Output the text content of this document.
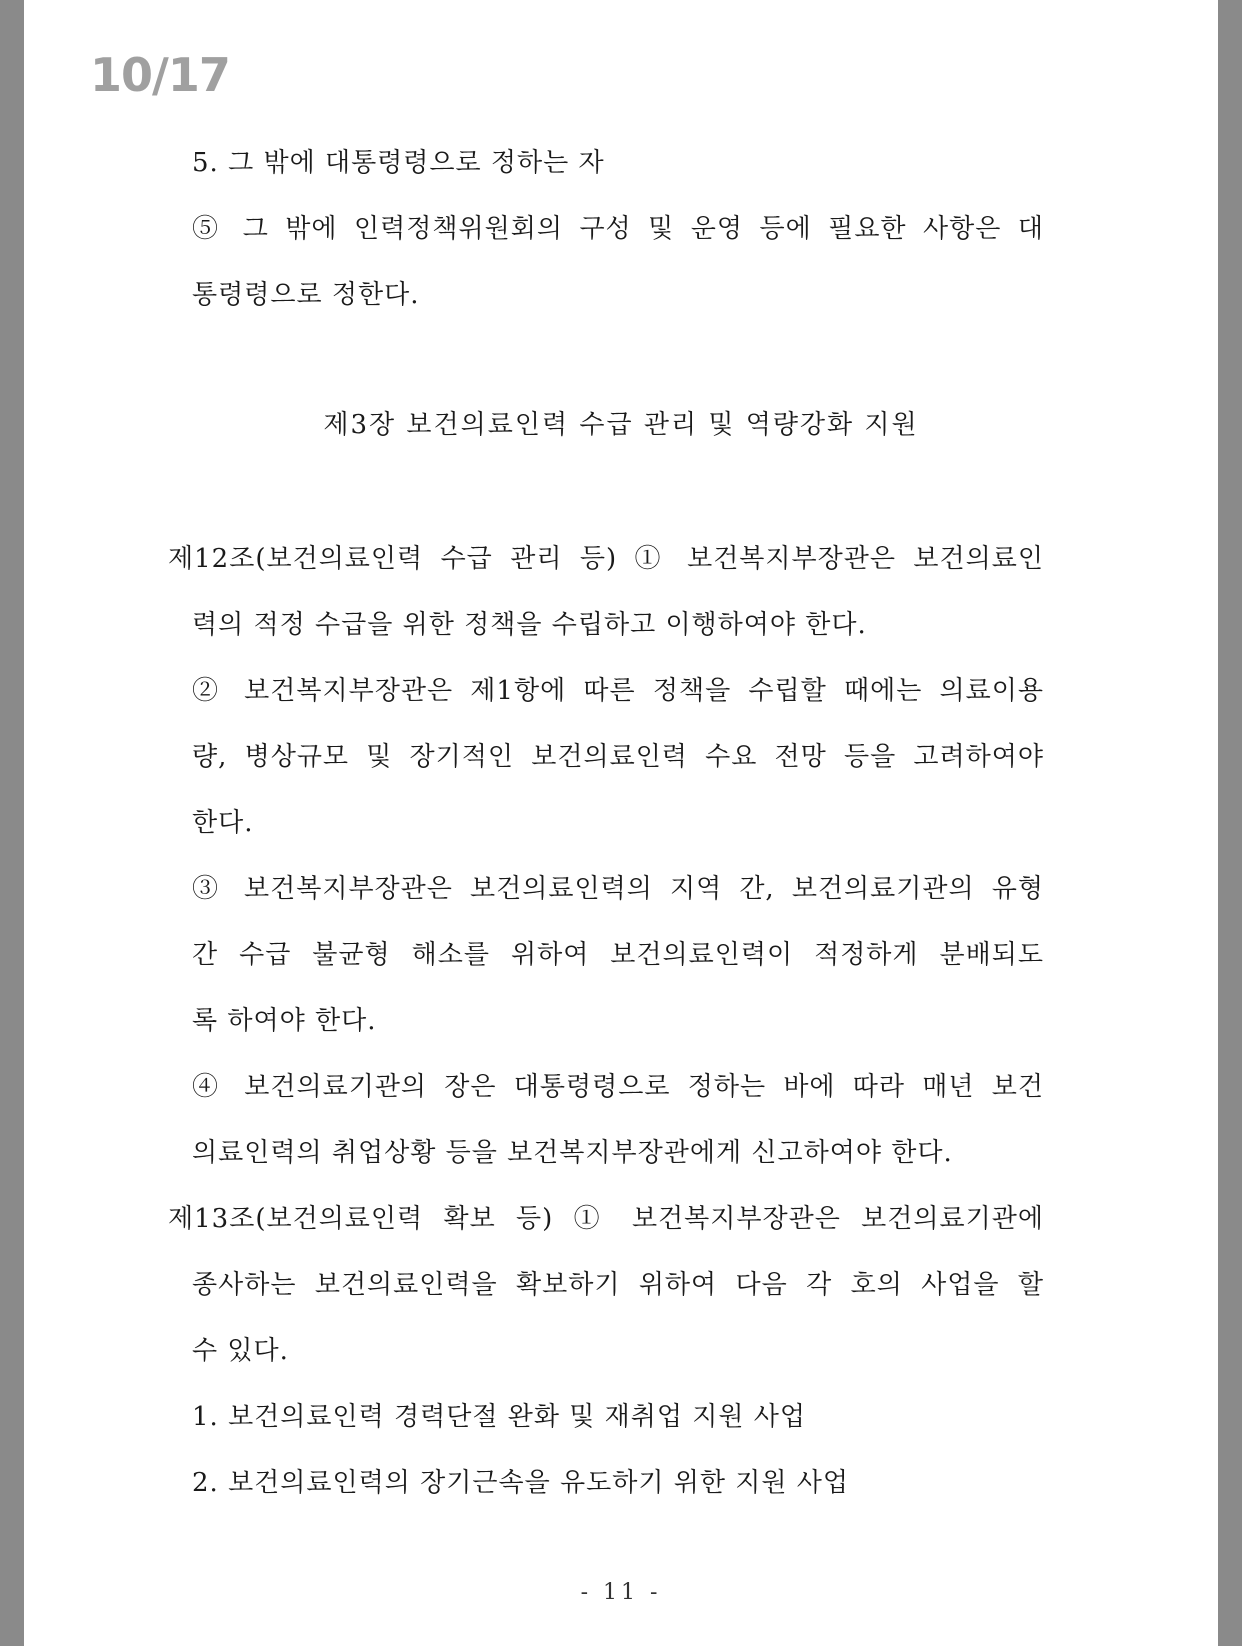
10/17
5. 그 밖에 대통령령으로 정하는 자
⑤ 그 밖에 인력정책위원회의 구성 및 운영 등에 필요한 사항은 대
통령령으로 정한다.
제3장 보건의료인력 수급 관리 및 역량강화 지원
제12조(보건의료인력 수급 관리 등) ① 보건복지부장관은 보건의료인
력의 적정 수급을 위한 정책을 수립하고 이행하여야 한다.
② 보건복지부장관은 제1항에 따른 정책을 수립할 때에는 의료이용
량, 병상규모 및 장기적인 보건의료인력 수요 전망 등을 고려하여야
한다.
③ 보건복지부장관은 보건의료인력의 지역 간, 보건의료기관의 유형
간 수급 불균형 해소를 위하여 보건의료인력이 적정하게 분배되도
록 하여야 한다.
④ 보건의료기관의 장은 대통령령으로 정하는 바에 따라 매년 보건
의료인력의 취업상황 등을 보건복지부장관에게 신고하여야 한다.
제13조(보건의료인력 확보 등) ① 보건복지부장관은 보건의료기관에
종사하는 보건의료인력을 확보하기 위하여 다음 각 호의 사업을 할
수 있다.
1. 보건의료인력 경력단절 완화 및 재취업 지원 사업
2. 보건의료인력의 장기근속을 유도하기 위한 지원 사업
- 11 -
